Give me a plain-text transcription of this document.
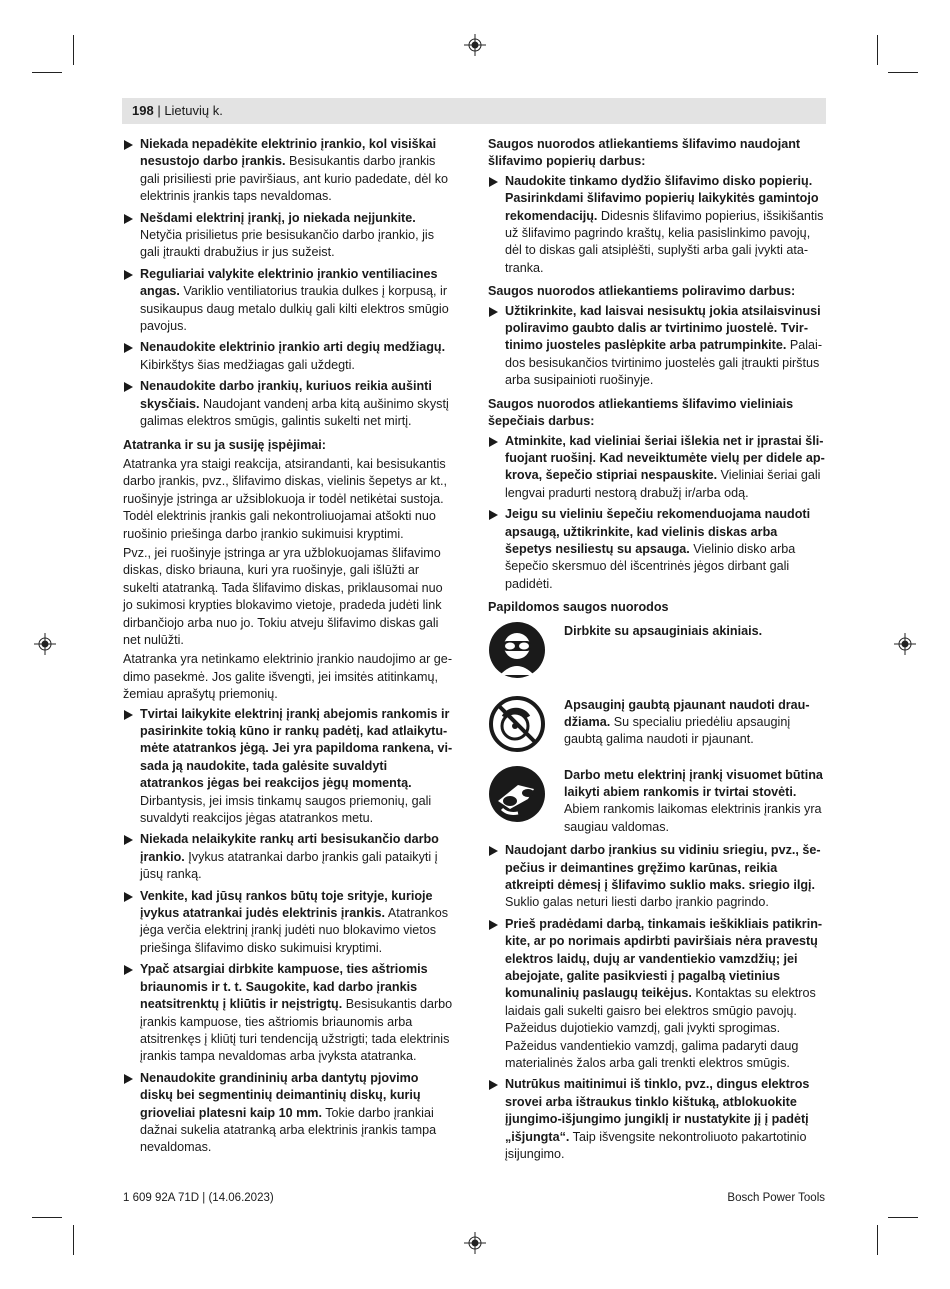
198 | Lietuvių k.
Niekada nepadėkite elektrinio įrankio, kol visiškai nesustojo darbo įrankis. Besisukantis darbo įrankis gali prisiliesti prie paviršiaus, ant kurio padedate, dėl ko elektrinis įrankis taps nevaldomas.
Nešdami elektrinį įrankį, jo niekada neįjunkite. Netyčia prisilietus prie besisukančio darbo įrankio, jis gali įtraukti drabužius ir jus sužeist.
Reguliariai valykite elektrinio įrankio ventiliacines angas. Variklio ventiliatorius traukia dulkes į korpusą, ir susikaupus daug metalo dulkių gali kilti elektros smūgio pavojus.
Nenaudokite elektrinio įrankio arti degių medžiagų. Kibirkštys šias medžiagas gali uždegti.
Nenaudokite darbo įrankių, kuriuos reikia aušinti skysčiais. Naudojant vandenį arba kitą aušinimo skystį galimas elektros smūgis, galintis sukelti net mirtį.
Atatranka ir su ja susiję įspėjimai:

Atatranka yra staigi reakcija, atsirandanti, kai besisukantis darbo įrankis, pvz., šlifavimo diskas, vielinis šepetys ar kt., ruošinyje įstringa ar užsiblokuoja ir todėl netikėtai sustoja. Todėl elektrinis įrankis gali nekontroliuojamai atšokti nuo ruošinio priešinga darbo įrankio sukimuisi kryptimi.

Pvz., jei ruošinyje įstringa ar yra užblokuojamas šlifavimo diskas, disko briauna, kuri yra ruošinyje, gali išlūžti ar sukelti atatranką. Tada šlifavimo diskas, priklausomai nuo jo sukimosi krypties blokavimo vietoje, pradeda judėti link dirbančiojo arba nuo jo. Tokiu atveju šlifavimo diskas gali net nulūžti.

Atatranka yra netinkamo elektrinio įrankio naudojimo ar gedimo pasekmė. Jos galite išvengti, jei imsitės atitinkamų, žemiau aprašytų priemonių.

Tvirtai laikykite elektrinį įrankį abejomis rankomis ir pasirinkite tokią kūno ir rankų padėtį, kad atlaikytumėte atatrankos jėgą. Jei yra papildoma rankena, visada ją naudokite, tada galėsite suvaldyti atatrankos jėgas bei reakcijos jėgų momentą. Dirbantysis, jei imsis tinkamų saugos priemonių, gali suvaldyti reakcijos jėgas atatrankos metu.
Niekada nelaikykite rankų arti besisukančio darbo įrankio. Įvykus atatrankai darbo įrankis gali pataikyti į jūsų ranką.
Venkite, kad jūsų rankos būtų toje srityje, kurioje įvykus atatrankai judės elektrinis įrankis. Atatrankos jėga verčia elektrinį įrankį judėti nuo blokavimo vietos priešinga šlifavimo disko sukimuisi kryptimi.
Ypač atsargiai dirbkite kampuose, ties aštriomis briaunomis ir t. t. Saugokite, kad darbo įrankis neatsitrenktų į kliūtis ir neįstrigtų. Besisukantis darbo įrankis kampuose, ties aštriomis briaunomis arba atsitrenkęs į kliūtį turi tendenciją užstrigti; tada elektrinis įrankis tampa nevaldomas arba įvyksta atatranka.
Nenaudokite grandininių arba dantytų pjovimo diskų bei segmentinių deimantinių diskų, kurių grioveliai platesni kaip 10 mm. Tokie darbo įrankiai dažnai sukelia atatranką arba elektrinis įrankis tampa nevaldomas.
Saugos nuorodos atliekantiems šlifavimo naudojant šlifavimo popierių darbus:
Naudokite tinkamo dydžio šlifavimo disko popierių. Pasirinkdami šlifavimo popierių laikykitės gamintojo rekomendacijų. Didesnis šlifavimo popierius, išsikišantis už šlifavimo pagrindo kraštų, kelia pasislinkimo pavojų, dėl to diskas gali atsiplėšti, suplyšti arba gali įvykti atatranka.
Saugos nuorodos atliekantiems poliravimo darbus:
Užtikrinkite, kad laisvai nesisuktų jokia atsilaisvinusi poliravimo gaubto dalis ar tvirtinimo juostelė. Tvirtinimo juosteles paslėpkite arba patrumpinkite. Palaidos besisukančios tvirtinimo juostelės gali įtraukti pirštus arba susipainioti ruošinyje.
Saugos nuorodos atliekantiems šlifavimo vieliniais šepečiais darbus:
Atminkite, kad vieliniai šeriai išlekia net ir įprastai šlifuojant ruošinį. Kad neveiktumėte vielų per didele apkrova, šepečio stipriai nespauskite. Vieliniai šeriai gali lengvai pradurti nestorą drabužį ir/arba odą.
Jeigu su vieliniu šepečiu rekomenduojama naudoti apsaugą, užtikrinkite, kad vielinis diskas arba šepetys nesiliestų su apsauga. Vielinio disko arba šepečio skersmuo dėl išcentrinės jėgos dirbant gali padidėti.
Papildomos saugos nuorodos
Dirbkite su apsauginiais akiniais.
Apsauginį gaubtą pjaunant naudoti draudžiama. Su specialiu priedėliu apsauginį gaubtą galima naudoti ir pjaunant.
Darbo metu elektrinį įrankį visuomet būtina laikyti abiem rankomis ir tvirtai stovėti. Abiem rankomis laikomas elektrinis įrankis yra saugiau valdomas.
Naudojant darbo įrankius su vidiniu sriegiu, pvz., šepečius ir deimantines gręžimo karūnas, reikia atkreipti dėmesį į šlifavimo suklio maks. sriegio ilgį. Suklio galas neturi liesti darbo įrankio pagrindo.
Prieš pradėdami darbą, tinkamais ieškikliais patikrinkite, ar po norimais apdirbti paviršiais nėra pravestų elektros laidų, dujų ar vandentiekio vamzdžių; jei abejojate, galite pasikviesti į pagalbą vietinius komunalinių paslaugų teikėjus. Kontaktas su elektros laidais gali sukelti gaisro bei elektros smūgio pavojų. Pažeidus dujotiekio vamzdį, gali įvykti sprogimas. Pažeidus vandentiekio vamzdį, galima padaryti daug materialinės žalos arba gali trenkti elektros smūgis.
Nutrūkus maitinimui iš tinklo, pvz., dingus elektros srovei arba ištraukus tinklo kištuką, atblokuokite įjungimo-išjungimo jungiklį ir nustatykite jį į padėtį „išjungta“. Taip išvengsite nekontroliuoto pakartotinio įsijungimo.
1 609 92A 71D | (14.06.2023)	Bosch Power Tools
